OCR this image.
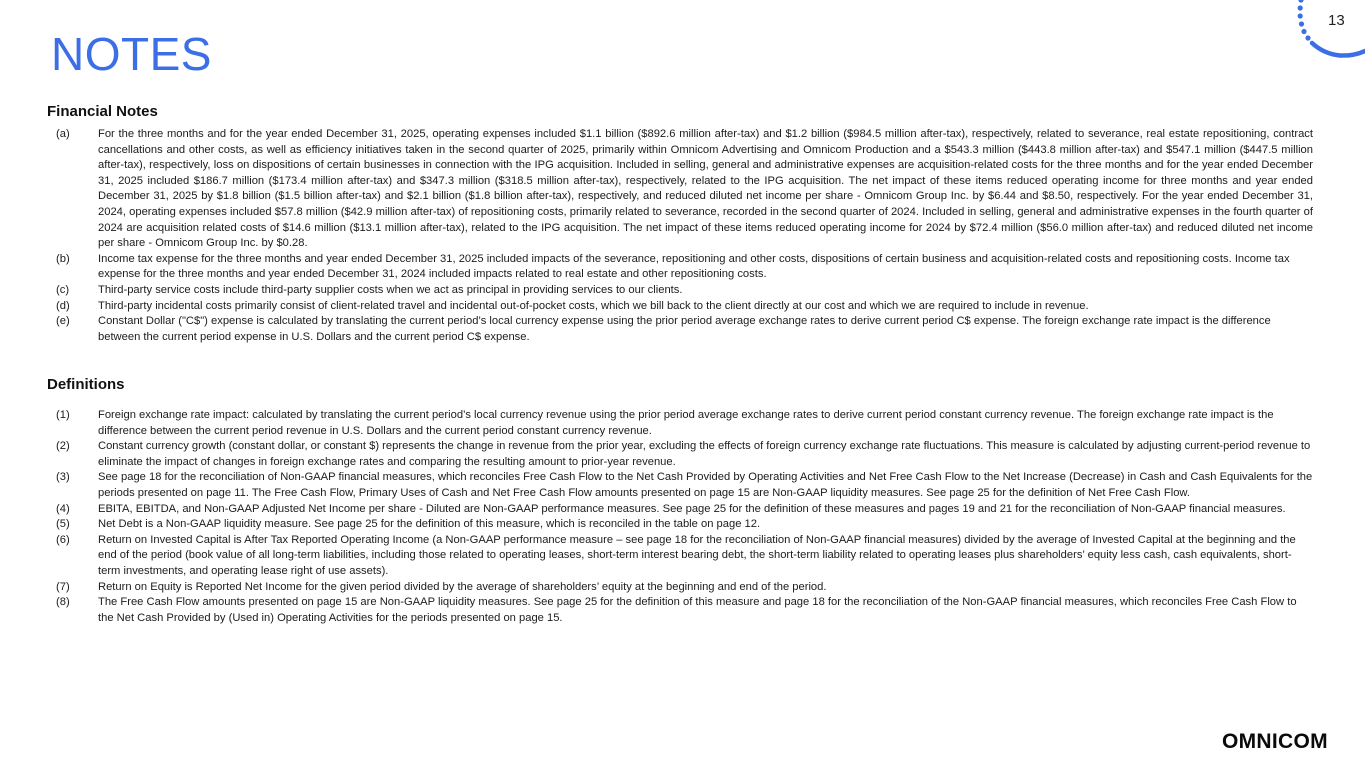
NOTES
13
Financial Notes
(a)	For the three months and for the year ended December 31, 2025, operating expenses included $1.1 billion ($892.6 million after-tax) and $1.2 billion ($984.5 million after-tax), respectively, related to severance, real estate repositioning, contract cancellations and other costs, as well as efficiency initiatives taken in the second quarter of 2025, primarily within Omnicom Advertising and Omnicom Production and a $543.3 million ($443.8 million after-tax) and $547.1 million ($447.5 million after-tax), respectively, loss on dispositions of certain businesses in connection with the IPG acquisition. Included in selling, general and administrative expenses are acquisition-related costs for the three months and for the year ended December 31, 2025 included $186.7 million ($173.4 million after-tax) and $347.3 million ($318.5 million after-tax), respectively, related to the IPG acquisition. The net impact of these items reduced operating income for three months and year ended December 31, 2025 by $1.8 billion ($1.5 billion after-tax) and $2.1 billion ($1.8 billion after-tax), respectively, and reduced diluted net income per share - Omnicom Group Inc. by $6.44 and $8.50, respectively. For the year ended December 31, 2024, operating expenses included $57.8 million ($42.9 million after-tax) of repositioning costs, primarily related to severance, recorded in the second quarter of 2024. Included in selling, general and administrative expenses in the fourth quarter of 2024 are acquisition related costs of $14.6 million ($13.1 million after-tax), related to the IPG acquisition. The net impact of these items reduced operating income for 2024 by $72.4 million ($56.0 million after-tax) and reduced diluted net income per share - Omnicom Group Inc. by $0.28.
(b)	Income tax expense for the three months and year ended December 31, 2025 included impacts of the severance, repositioning and other costs, dispositions of certain business and acquisition-related costs and repositioning costs. Income tax expense for the three months and year ended December 31, 2024 included impacts related to real estate and other repositioning costs.
(c)	Third-party service costs include third-party supplier costs when we act as principal in providing services to our clients.
(d)	Third-party incidental costs primarily consist of client-related travel and incidental out-of-pocket costs, which we bill back to the client directly at our cost and which we are required to include in revenue.
(e)	Constant Dollar ("C$") expense is calculated by translating the current period’s local currency expense using the prior period average exchange rates to derive current period C$ expense. The foreign exchange rate impact is the difference between the current period expense in U.S. Dollars and the current period C$ expense.
Definitions
(1)	Foreign exchange rate impact: calculated by translating the current period’s local currency revenue using the prior period average exchange rates to derive current period constant currency revenue. The foreign exchange rate impact is the difference between the current period revenue in U.S. Dollars and the current period constant currency revenue.
(2)	Constant currency growth (constant dollar, or constant $) represents the change in revenue from the prior year, excluding the effects of foreign currency exchange rate fluctuations. This measure is calculated by adjusting current-period revenue to eliminate the impact of changes in foreign exchange rates and comparing the resulting amount to prior-year revenue.
(3)	See page 18 for the reconciliation of Non-GAAP financial measures, which reconciles Free Cash Flow to the Net Cash Provided by Operating Activities and Net Free Cash Flow to the Net Increase (Decrease) in Cash and Cash Equivalents for the periods presented on page 11. The Free Cash Flow, Primary Uses of Cash and Net Free Cash Flow amounts presented on page 15 are Non-GAAP liquidity measures. See page 25 for the definition of Net Free Cash Flow.
(4)	EBITA, EBITDA, and Non-GAAP Adjusted Net Income per share - Diluted are Non-GAAP performance measures. See page 25 for the definition of these measures and pages 19 and 21 for the reconciliation of Non-GAAP financial measures.
(5)	Net Debt is a Non-GAAP liquidity measure. See page 25 for the definition of this measure, which is reconciled in the table on page 12.
(6)	Return on Invested Capital is After Tax Reported Operating Income (a Non-GAAP performance measure – see page 18 for the reconciliation of Non-GAAP financial measures) divided by the average of Invested Capital at the beginning and the end of the period (book value of all long-term liabilities, including those related to operating leases, short-term interest bearing debt, the short-term liability related to operating leases plus shareholders’ equity less cash, cash equivalents, short-term investments, and operating lease right of use assets).
(7)	Return on Equity is Reported Net Income for the given period divided by the average of shareholders’ equity at the beginning and end of the period.
(8)	The Free Cash Flow amounts presented on page 15 are Non-GAAP liquidity measures. See page 25 for the definition of this measure and page 18 for the reconciliation of the Non-GAAP financial measures, which reconciles Free Cash Flow to the Net Cash Provided by (Used in) Operating Activities for the periods presented on page 15.
OMNICOM
